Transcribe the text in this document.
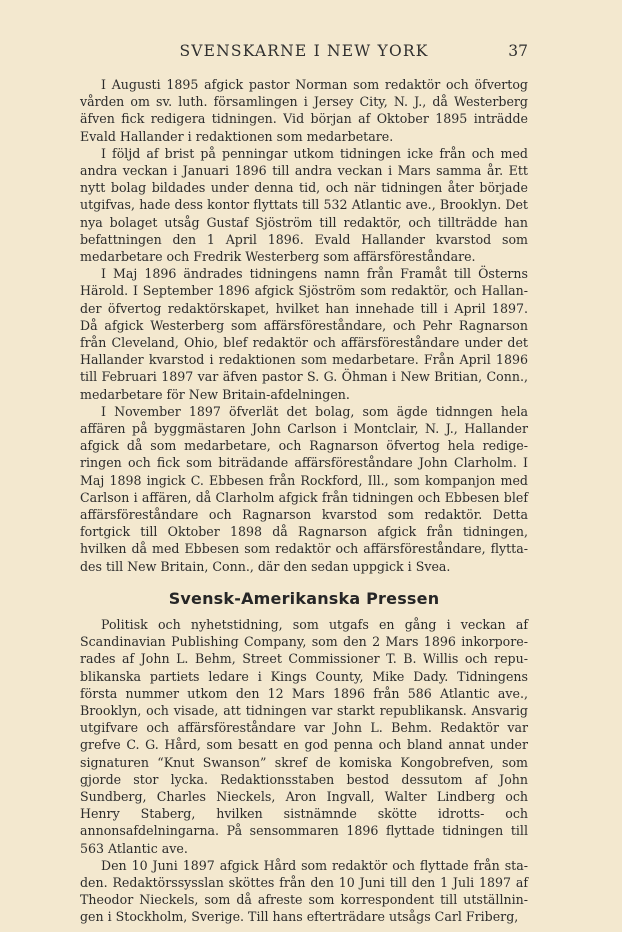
SVENSKARNE I NEW YORK	37

I Augusti 1895 afgick pastor Norman som redaktör och öfvertog vården om sv. luth. församlingen i Jersey City, N. J., då Westerberg äfven fick redigera tidningen. Vid början af Oktober 1895 inträdde Evald Hallander i redaktionen som medarbetare.

I följd af brist på penningar utkom tidningen icke från och med andra veckan i Januari 1896 till andra veckan i Mars samma år. Ett nytt bolag bildades under denna tid, och när tidningen åter började utgifvas, hade dess kontor flyttats till 532 Atlantic ave., Brooklyn. Det nya bolaget utsåg Gustaf Sjöström till redaktör, och tillträdde han befattningen den 1 April 1896. Evald Hallander kvarstod som medarbetare och Fredrik Westerberg som affärsföreståndare.

I Maj 1896 ändrades tidningens namn från Framåt till Österns Härold. I September 1896 afgick Sjöström som redaktör, och Hallander öfvertog redaktörskapet, hvilket han innehade till i April 1897. Då afgick Westerberg som affärsföreståndare, och Pehr Ragnarson från Cleveland, Ohio, blef redaktör och affärsföreståndare under det Hallander kvarstod i redaktionen som medarbetare. Från April 1896 till Februari 1897 var äfven pastor S. G. Öhman i New Britian, Conn., medarbetare för New Britain-afdelningen.

I November 1897 öfverlät det bolag, som ägde tidnngen hela affären på byggmästaren John Carlson i Montclair, N. J., Hallander afgick då som medarbetare, och Ragnarson öfvertog hela redigeringen och fick som biträdande affärsföreståndare John Clarholm. I Maj 1898 ingick C. Ebbesen från Rockford, Ill., som kompanjon med Carlson i affären, då Clarholm afgick från tidningen och Ebbesen blef affärsföreståndare och Ragnarson kvarstod som redaktör. Detta fortgick till Oktober 1898 då Ragnarson afgick från tidningen, hvilken då med Ebbesen som redaktör och affärsföreståndare, flyttades till New Britain, Conn., där den sedan uppgick i Svea.

Svensk-Amerikanska Pressen

Politisk och nyhetstidning, som utgafs en gång i veckan af Scandinavian Publishing Company, som den 2 Mars 1896 inkorporerades af John L. Behm, Street Commissioner T. B. Willis och republikanska partiets ledare i Kings County, Mike Dady. Tidningens första nummer utkom den 12 Mars 1896 från 586 Atlantic ave., Brooklyn, och visade, att tidningen var starkt republikansk. Ansvarig utgifvare och affärsföreståndare var John L. Behm. Redaktör var grefve C. G. Hård, som besatt en god penna och bland annat under signaturen “Knut Swanson” skref de komiska Kongobrefven, som gjorde stor lycka. Redaktionsstaben bestod dessutom af John Sundberg, Charles Nieckels, Aron Ingvall, Walter Lindberg och Henry Staberg, hvilken sistnämnde skötte idrotts- och annonsafdelningarna. På sensommaren 1896 flyttade tidningen till 563 Atlantic ave.

Den 10 Juni 1897 afgick Hård som redaktör och flyttade från staden. Redaktörssysslan sköttes från den 10 Juni till den 1 Juli 1897 af Theodor Nieckels, som då afreste som korrespondent till utställningen i Stockholm, Sverige. Till hans efterträdare utsågs Carl Friberg,
